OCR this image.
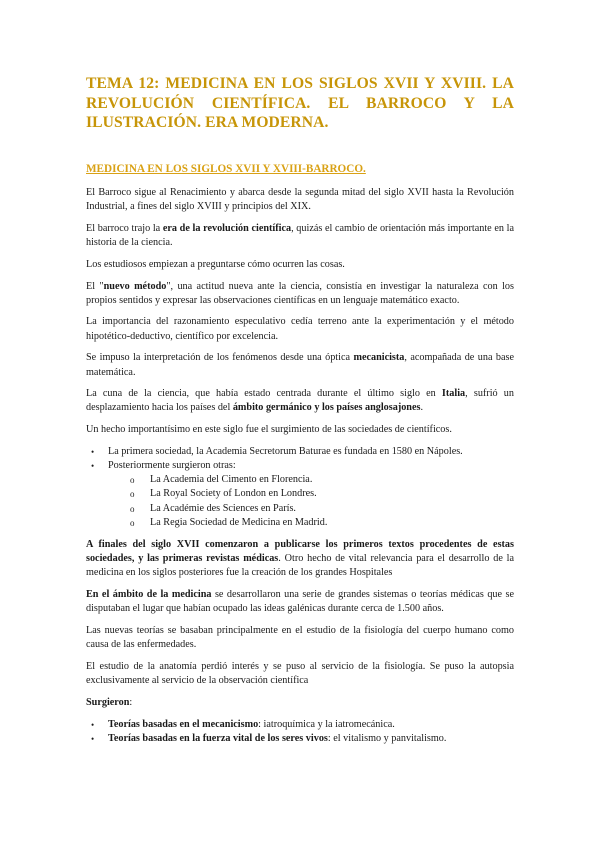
TEMA 12: MEDICINA EN LOS SIGLOS XVII Y XVIII. LA REVOLUCIÓN CIENTÍFICA. EL BARROCO Y LA ILUSTRACIÓN. ERA MODERNA.
MEDICINA EN LOS SIGLOS XVII Y XVIII-BARROCO.

El Barroco sigue al Renacimiento y abarca desde la segunda mitad del siglo XVII hasta la Revolución Industrial, a fines del siglo XVIII y principios del XIX.

El barroco trajo la era de la revolución científica, quizás el cambio de orientación más importante en la historia de la ciencia.

Los estudiosos empiezan a preguntarse cómo ocurren las cosas.

El "nuevo método", una actitud nueva ante la ciencia, consistía en investigar la naturaleza con los propios sentidos y expresar las observaciones científicas en un lenguaje matemático exacto.

La importancia del razonamiento especulativo cedía terreno ante la experimentación y el método hipotético-deductivo, científico por excelencia.

Se impuso la interpretación de los fenómenos desde una óptica mecanicista, acompañada de una base matemática.

La cuna de la ciencia, que había estado centrada durante el último siglo en Italia, sufrió un desplazamiento hacia los países del ámbito germánico y los países anglosajones.

Un hecho importantísimo en este siglo fue el surgimiento de las sociedades de científicos.

• La primera sociedad, la Academia Secretorum Baturae es fundada en 1580 en Nápoles.
• Posteriormente surgieron otras:
o La Academia del Cimento en Florencia.
o La Royal Society of London en Londres.
o La Académie des Sciences en París.
o La Regia Sociedad de Medicina en Madrid.

A finales del siglo XVII comenzaron a publicarse los primeros textos procedentes de estas sociedades, y las primeras revistas médicas. Otro hecho de vital relevancia para el desarrollo de la medicina en los siglos posteriores fue la creación de los grandes Hospitales

En el ámbito de la medicina se desarrollaron una serie de grandes sistemas o teorías médicas que se disputaban el lugar que habían ocupado las ideas galénicas durante cerca de 1.500 años.

Las nuevas teorías se basaban principalmente en el estudio de la fisiología del cuerpo humano como causa de las enfermedades.

El estudio de la anatomía perdió interés y se puso al servicio de la fisiología. Se puso la autopsia exclusivamente al servicio de la observación científica

Surgieron:

• Teorías basadas en el mecanicismo: iatroquímica y la iatromecánica.
• Teorías basadas en la fuerza vital de los seres vivos: el vitalismo y panvitalismo.
